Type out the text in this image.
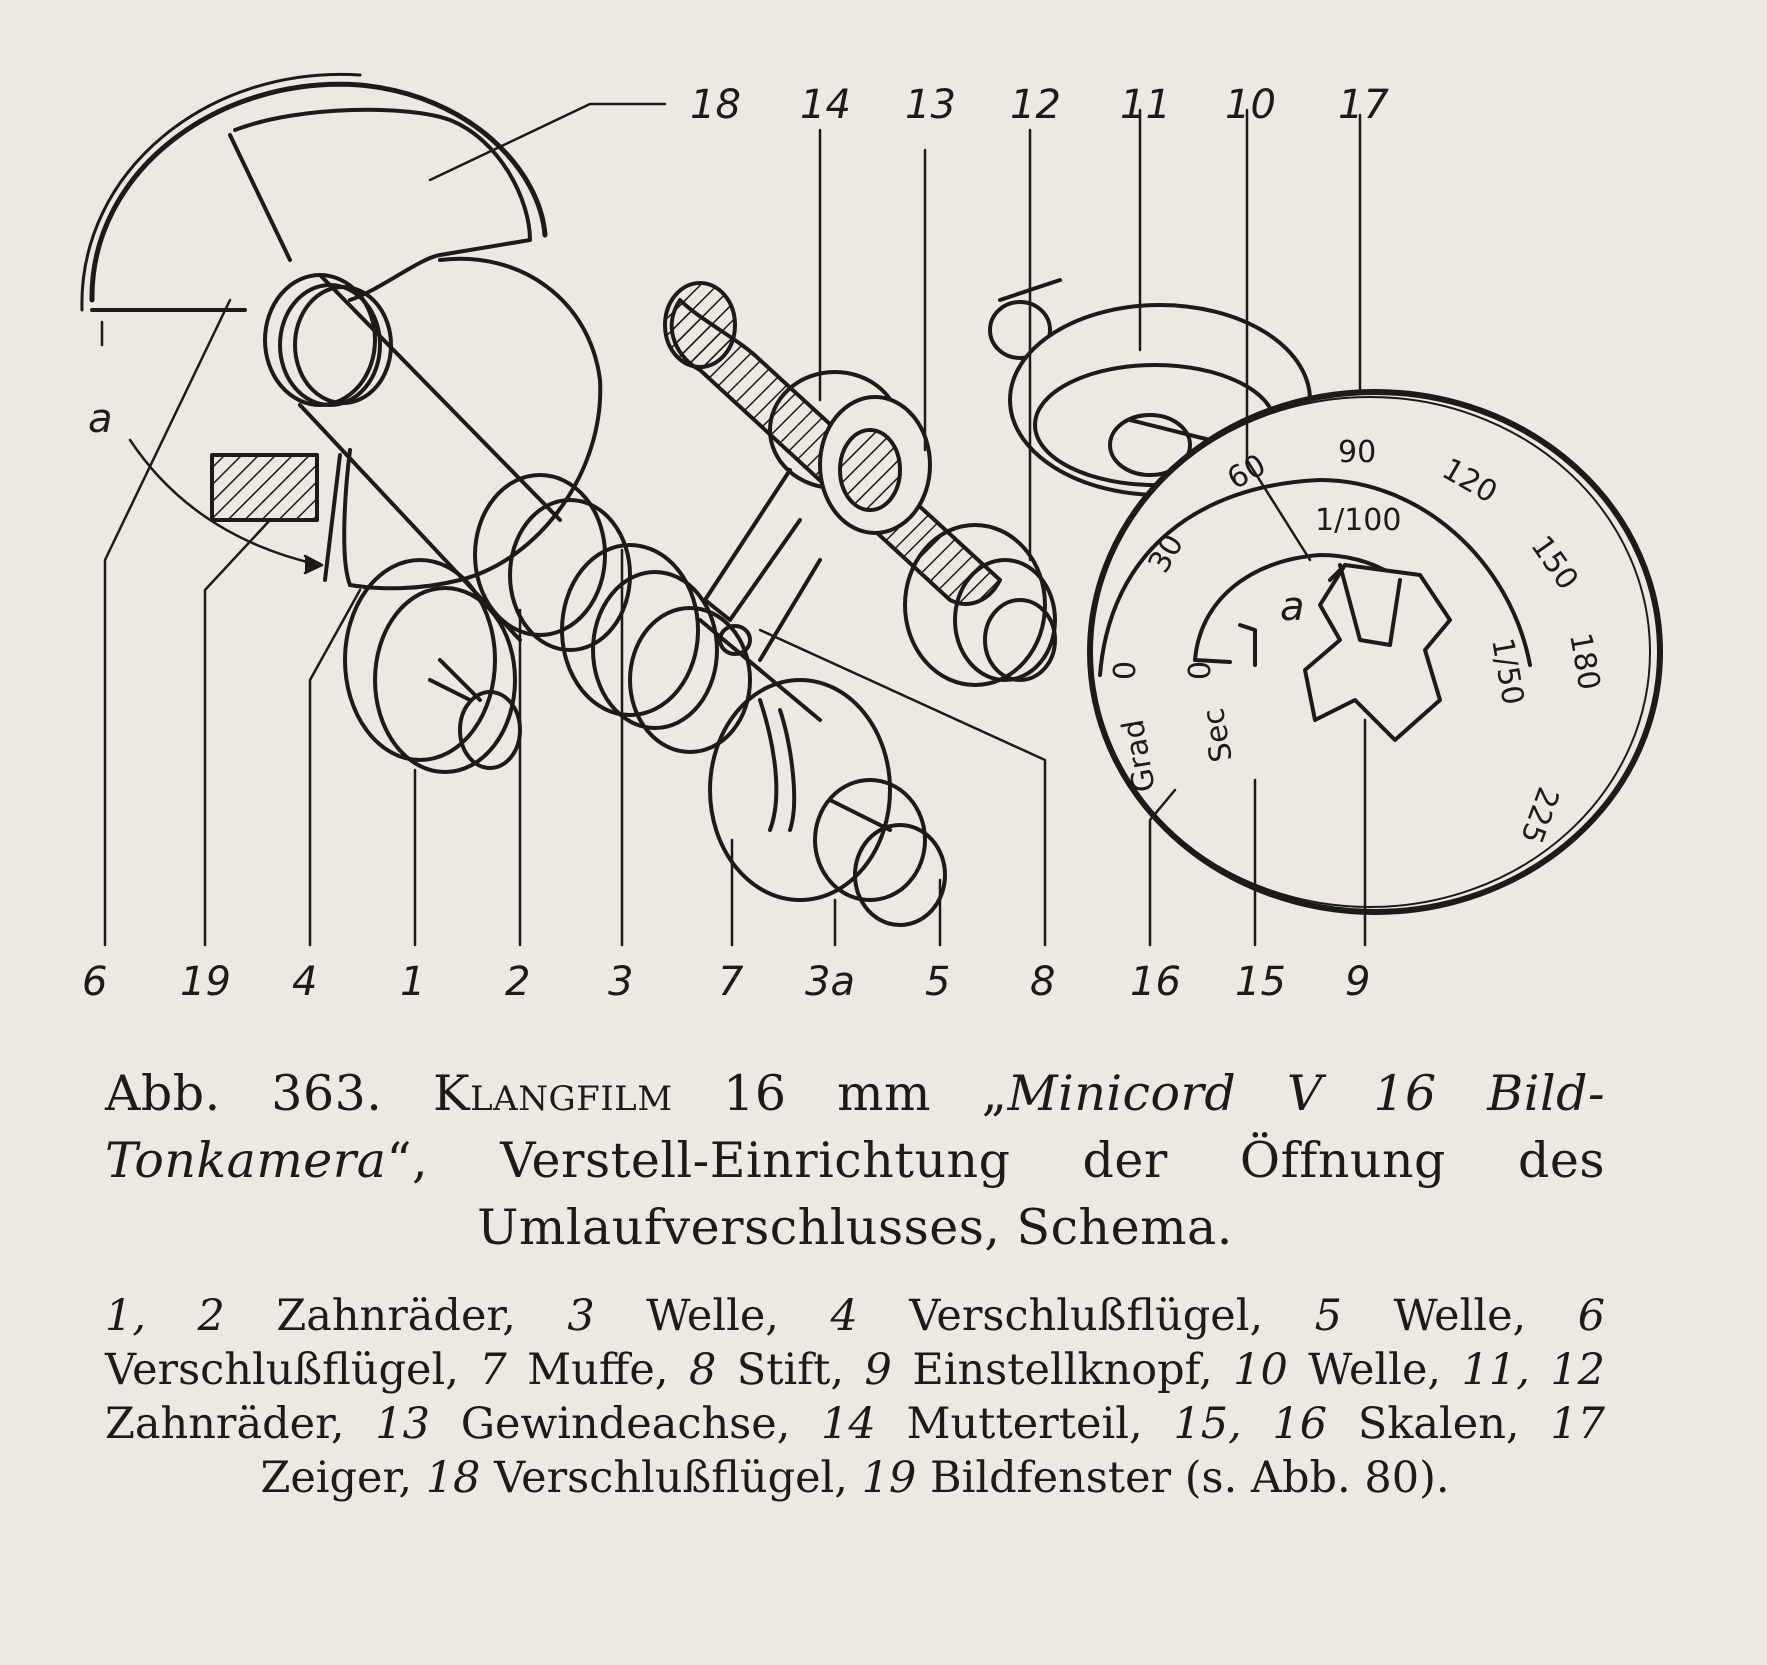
18 14 13 12 11 10 17
a
6 19 4 1 2 3 7 3a 5 8 16 15 9
0
30
60 90 120
150
180
225
Grad
0
1/100
1/50
Sec
a
Abb. 363. Klangfilm 16 mm „Minicord V 16 Bild-Tonkamera“, Verstell-Einrichtung der Öffnung des Umlaufverschlusses, Schema.
1, 2 Zahnräder, 3 Welle, 4 Verschlußflügel, 5 Welle, 6 Verschlußflügel, 7 Muffe, 8 Stift, 9 Einstellknopf, 10 Welle, 11, 12 Zahnräder, 13 Gewindeachse, 14 Mutterteil, 15, 16 Skalen, 17 Zeiger, 18 Verschlußflügel, 19 Bildfenster (s. Abb. 80).
